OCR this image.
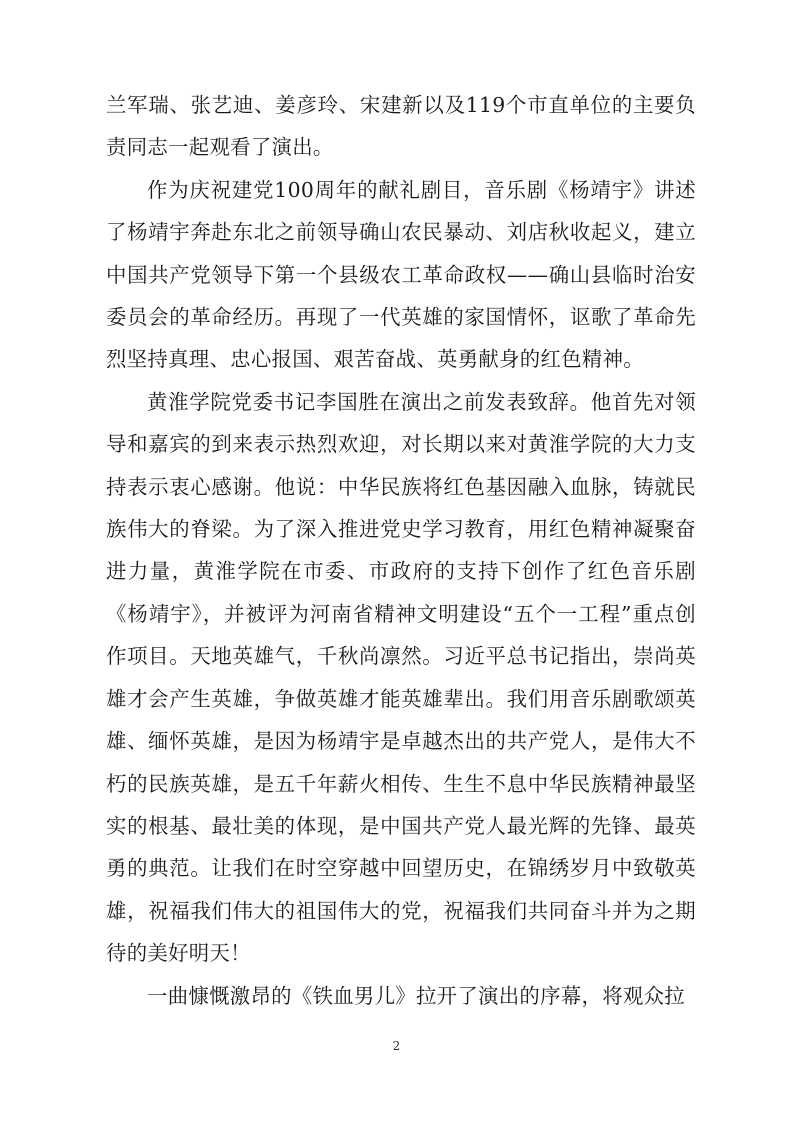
兰军瑞、张艺迪、姜彦玲、宋建新以及119个市直单位的主要负责同志一起观看了演出。

作为庆祝建党100周年的献礼剧目，音乐剧《杨靖宇》讲述了杨靖宇奔赴东北之前领导确山农民暴动、刘店秋收起义，建立中国共产党领导下第一个县级农工革命政权——确山县临时治安委员会的革命经历。再现了一代英雄的家国情怀，讴歌了革命先烈坚持真理、忠心报国、艰苦奋战、英勇献身的红色精神。

黄淮学院党委书记李国胜在演出之前发表致辞。他首先对领导和嘉宾的到来表示热烈欢迎，对长期以来对黄淮学院的大力支持表示衷心感谢。他说：中华民族将红色基因融入血脉，铸就民族伟大的脊梁。为了深入推进党史学习教育，用红色精神凝聚奋进力量，黄淮学院在市委、市政府的支持下创作了红色音乐剧《杨靖宇》，并被评为河南省精神文明建设“五个一工程”重点创作项目。天地英雄气，千秋尚凛然。习近平总书记指出，崇尚英雄才会产生英雄，争做英雄才能英雄辈出。我们用音乐剧歌颂英雄、缅怀英雄，是因为杨靖宇是卓越杰出的共产党人，是伟大不朽的民族英雄，是五千年薪火相传、生生不息中华民族精神最坚实的根基、最壮美的体现，是中国共产党人最光辉的先锋、最英勇的典范。让我们在时空穿越中回望历史，在锦绣岁月中致敬英雄，祝福我们伟大的祖国伟大的党，祝福我们共同奋斗并为之期待的美好明天！

一曲慷慨激昂的《铁血男儿》拉开了演出的序幕，将观众拉

2
